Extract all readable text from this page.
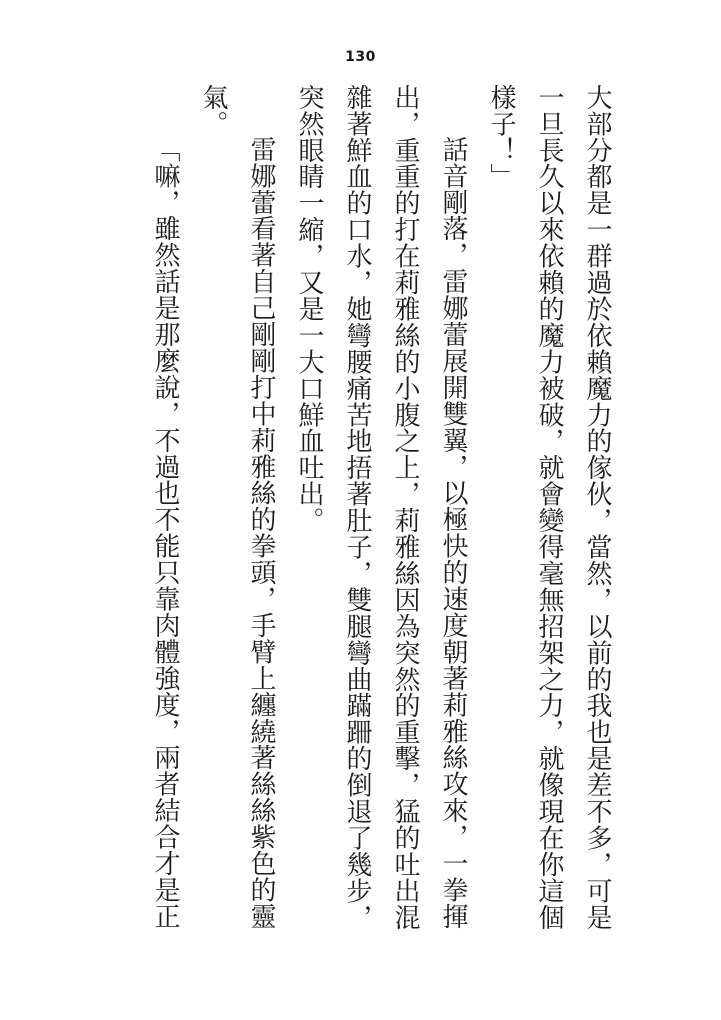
130

大部分都是一群過於依賴魔力的傢伙，當然，以前的我也是差不多，可是一旦長久以來依賴的魔力被破，就會變得毫無招架之力，就像現在你這個樣子！」

話音剛落，雷娜蕾展開雙翼，以極快的速度朝著莉雅絲攻來，一拳揮出，重重的打在莉雅絲的小腹之上，莉雅絲因為突然的重擊，猛的吐出混雜著鮮血的口水，她彎腰痛苦地捂著肚子，雙腿彎曲蹣跚的倒退了幾步，突然眼睛一縮，又是一大口鮮血吐出。

雷娜蕾看著自己剛剛打中莉雅絲的拳頭，手臂上纏繞著絲絲紫色的靈氣。

「嘛，雖然話是那麼說，不過也不能只靠肉體強度，兩者結合才是正
